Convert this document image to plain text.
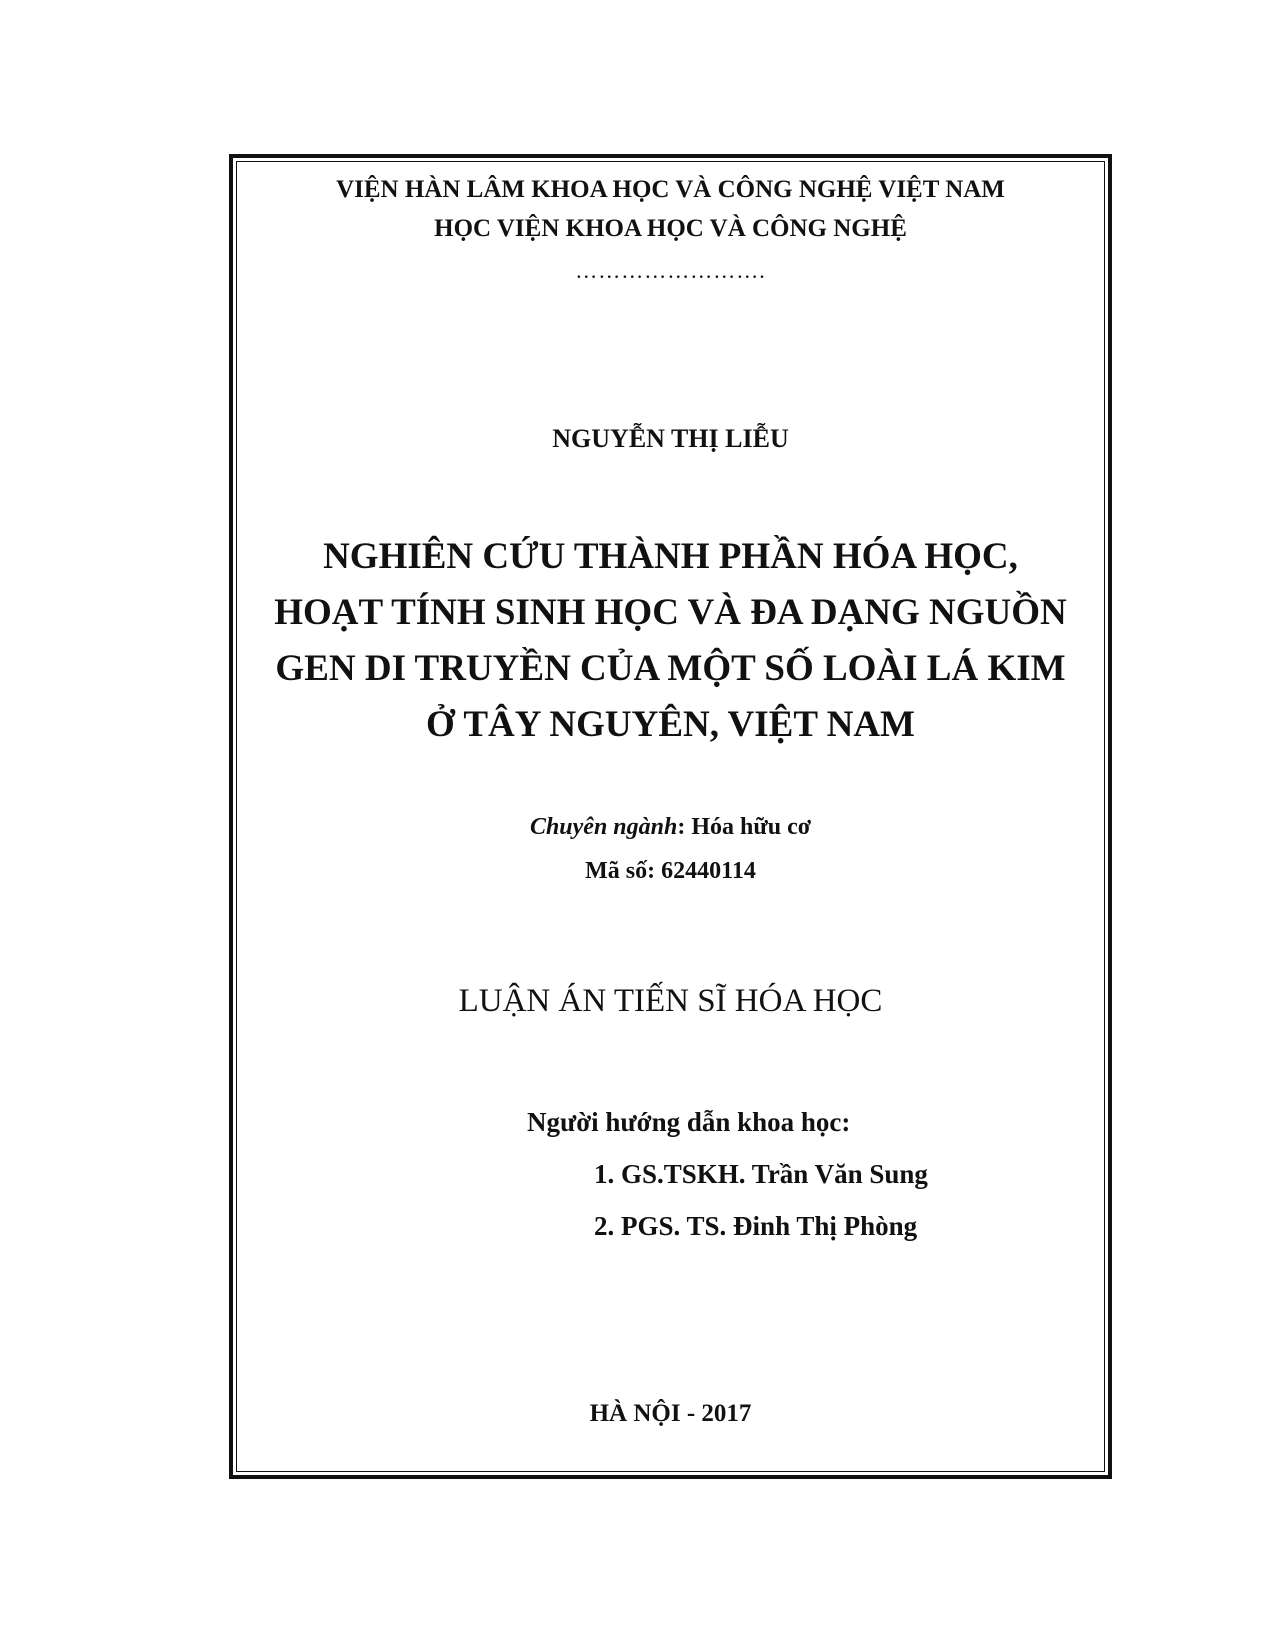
VIỆN HÀN LÂM KHOA HỌC VÀ CÔNG NGHỆ VIỆT NAM
HỌC VIỆN KHOA HỌC VÀ CÔNG NGHỆ
…………………….
NGUYỄN THỊ LIỄU
NGHIÊN CỨU THÀNH PHẦN HÓA HỌC,
HOẠT TÍNH SINH HỌC VÀ ĐA DẠNG NGUỒN
GEN DI TRUYỀN CỦA MỘT SỐ LOÀI LÁ KIM
Ở TÂY NGUYÊN, VIỆT NAM
Chuyên ngành: Hóa hữu cơ
Mã số: 62440114
LUẬN ÁN TIẾN SĨ HÓA HỌC
Người hướng dẫn khoa học:
1. GS.TSKH. Trần Văn Sung
2. PGS. TS. Đinh Thị Phòng
HÀ NỘI - 2017
